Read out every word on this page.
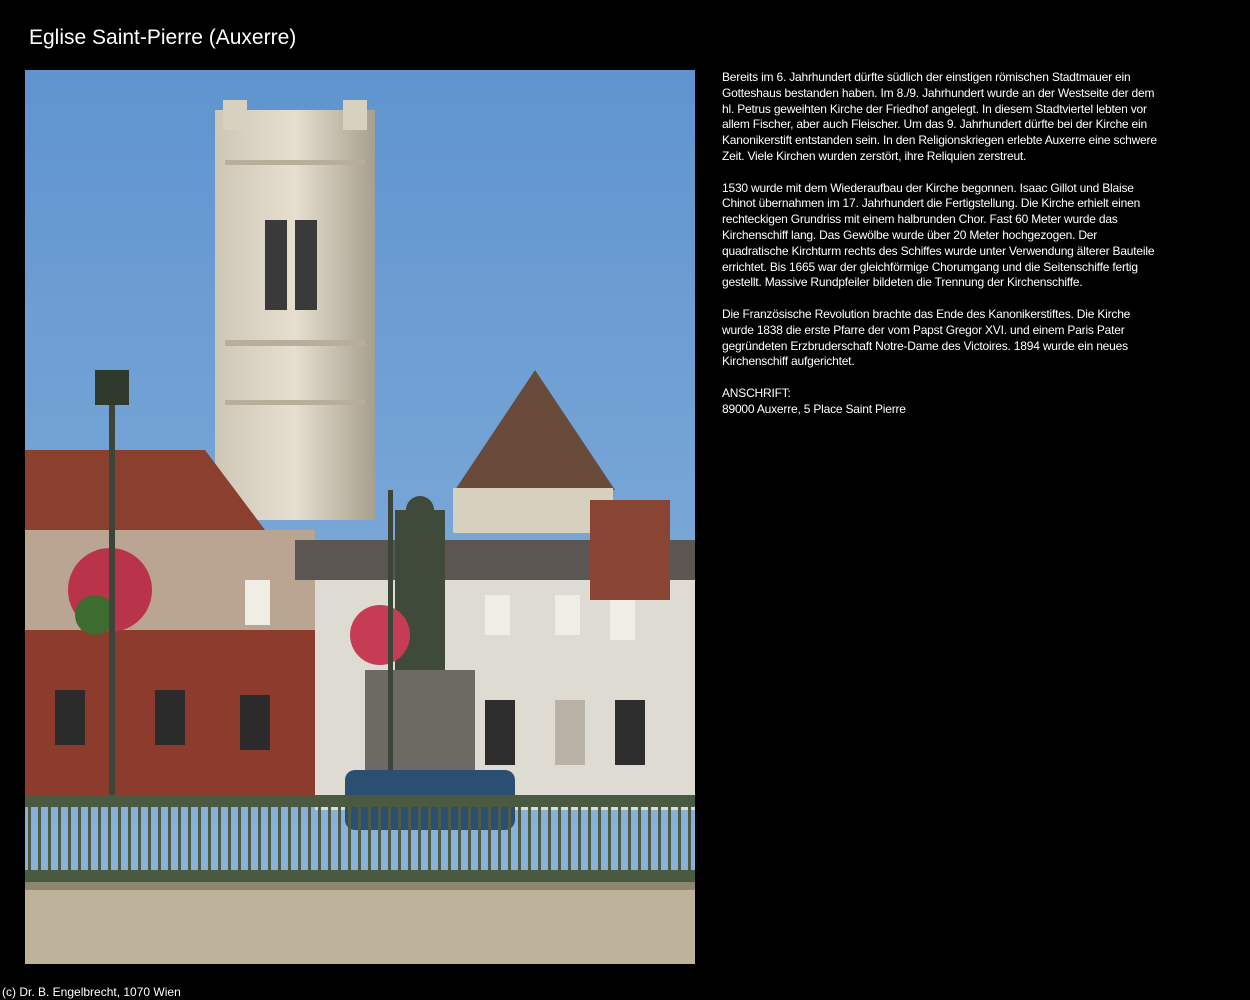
Eglise Saint-Pierre (Auxerre)

Bereits im 6. Jahrhundert dürfte südlich der einstigen römischen Stadtmauer ein Gotteshaus bestanden haben. Im 8./9. Jahrhundert wurde an der Westseite der dem hl. Petrus geweihten Kirche der Friedhof angelegt. In diesem Stadtviertel lebten vor allem Fischer, aber auch Fleischer. Um das 9. Jahrhundert dürfte bei der Kirche ein Kanonikerstift entstanden sein. In den Religionskriegen erlebte Auxerre eine schwere Zeit. Viele Kirchen wurden zerstört, ihre Reliquien zerstreut.

1530 wurde mit dem Wiederaufbau der Kirche begonnen. Isaac Gillot und Blaise Chinot übernahmen im 17. Jahrhundert die Fertigstellung. Die Kirche erhielt einen rechteckigen Grundriss mit einem halbrunden Chor. Fast 60 Meter wurde das Kirchenschiff lang. Das Gewölbe wurde über 20 Meter hochgezogen. Der quadratische Kirchturm rechts des Schiffes wurde unter Verwendung älterer Bauteile errichtet. Bis 1665 war der gleichförmige Chorumgang und die Seitenschiffe fertig gestellt. Massive Rundpfeiler bildeten die Trennung der Kirchenschiffe.

Die Französische Revolution brachte das Ende des Kanonikerstiftes. Die Kirche wurde 1838 die erste Pfarre der vom Papst Gregor XVI. und einem Paris Pater gegründeten Erzbruderschaft Notre-Dame des Victoires. 1894 wurde ein neues Kirchenschiff aufgerichtet.

ANSCHRIFT:
89000 Auxerre, 5 Place Saint Pierre
(c) Dr. B. Engelbrecht, 1070 Wien
